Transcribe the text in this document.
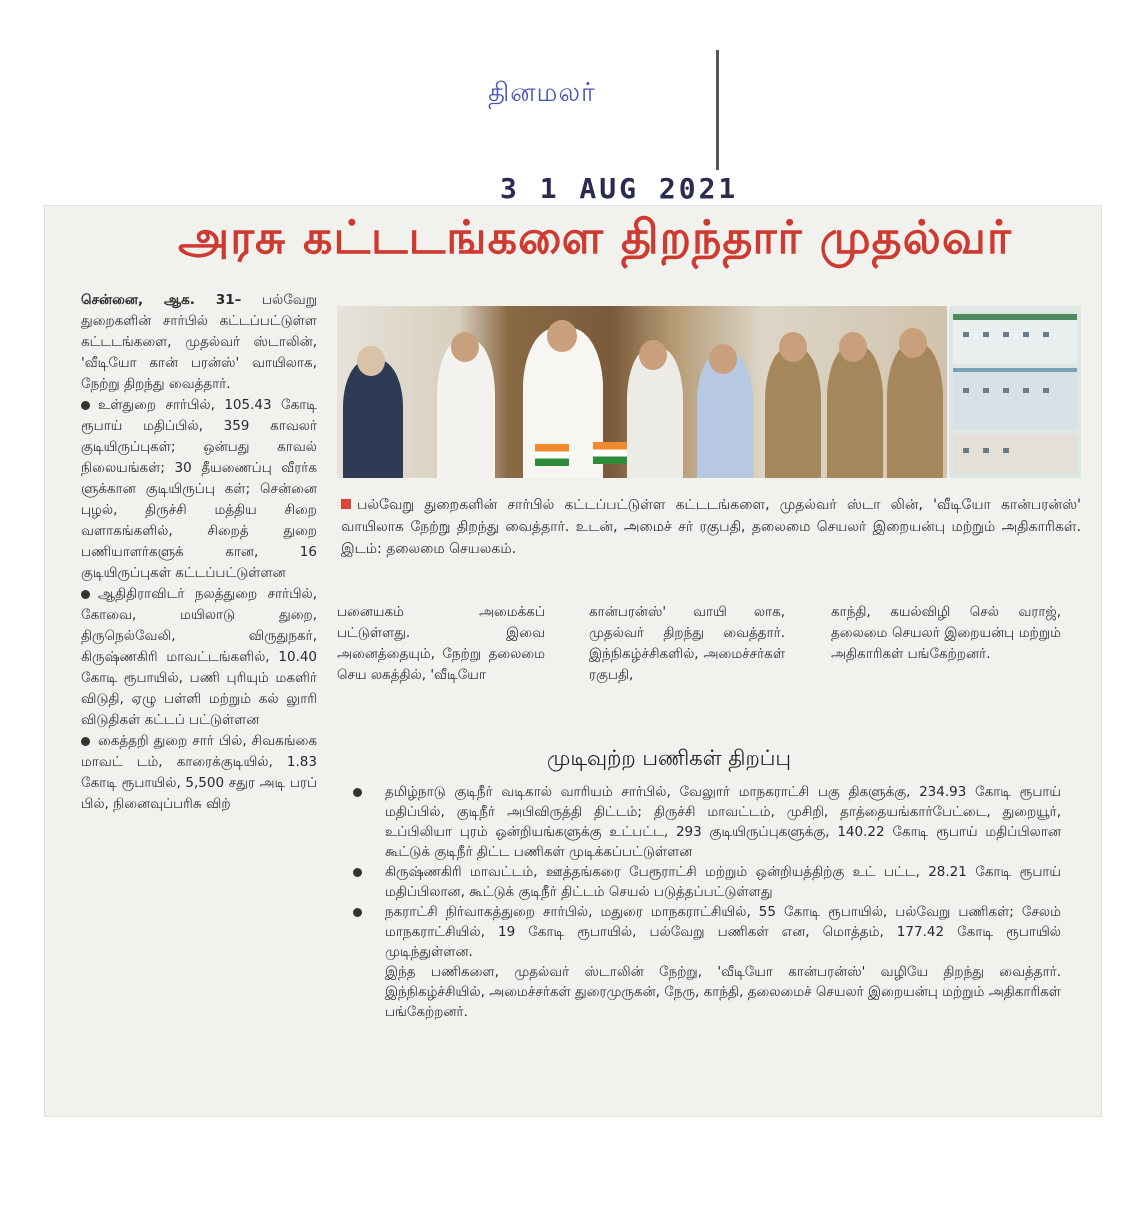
தினமலர்
3 1 AUG 2021
அரசு கட்டடங்களை திறந்தார் முதல்வர்

சென்னை, ஆக. 31– பல்வேறு துறைகளின் சார்பில் கட்டப்பட்டுள்ள கட்டடங்களை, முதல்வர் ஸ்டாலின், 'வீடியோ கான் பரன்ஸ்' வாயிலாக, நேற்று திறந்து வைத்தார்.

உள்துறை சார்பில், 105.43 கோடி ரூபாய் மதிப்பில், 359 காவலர் குடியிருப்புகள்; ஒன்பது காவல் நிலையங்கள்; 30 தீயணைப்பு வீரர்க ளுக்கான குடியிருப்பு கள்; சென்னை புழல், திருச்சி மத்திய சிறை வளாகங்களில், சிறைத் துறை பணியாளர்களுக் கான, 16 குடியிருப்புகள் கட்டப்பட்டுள்ளன

ஆதிதிராவிடர் நலத்துறை சார்பில், கோவை, மயிலாடு துறை, திருநெல்வேலி, விருதுநகர், கிருஷ்ணகிரி மாவட்டங்களில், 10.40 கோடி ரூபாயில், பணி புரியும் மகளிர் விடுதி, ஏழு பள்ளி மற்றும் கல் லுாரி விடுதிகள் கட்டப் பட்டுள்ளன

கைத்தறி துறை சார் பில், சிவகங்கை மாவட் டம், காரைக்குடியில், 1.83 கோடி ரூபாயில், 5,500 சதுர அடி பரப் பில், நினைவுப்பரிசு விற்

பல்வேறு துறைகளின் சார்பில் கட்டப்பட்டுள்ள கட்டடங்களை, முதல்வர் ஸ்டா லின், 'வீடியோ கான்பரன்ஸ்' வாயிலாக நேற்று திறந்து வைத்தார். உடன், அமைச் சர் ரகுபதி, தலைமை செயலர் இறையன்பு மற்றும் அதிகாரிகள். இடம்: தலைமை செயலகம்.
பனையகம் அமைக்கப் பட்டுள்ளது. இவை அனைத்தையும், நேற்று தலைமை செய லகத்தில், 'வீடியோ
கான்பரன்ஸ்' வாயி லாக, முதல்வர் திறந்து வைத்தார். இந்நிகழ்ச்சிகளில், அமைச்சர்கள் ரகுபதி,
காந்தி, கயல்விழி செல் வராஜ், தலைமை செயலர் இறையன்பு மற்றும் அதிகாரிகள் பங்கேற்றனர்.
முடிவுற்ற பணிகள் திறப்பு
தமிழ்நாடு குடிநீர் வடிகால் வாரியம் சார்பில், வேலுார் மாநகராட்சி பகு திகளுக்கு, 234.93 கோடி ரூபாய் மதிப்பில், குடிநீர் அபிவிருத்தி திட்டம்; திருச்சி மாவட்டம், முசிறி, தாத்தையங்கார்பேட்டை, துறையூர், உப்பிலியா புரம் ஒன்றியங்களுக்கு உட்பட்ட, 293 குடியிருப்புகளுக்கு, 140.22 கோடி ரூபாய் மதிப்பிலான கூட்டுக் குடிநீர் திட்ட பணிகள் முடிக்கப்பட்டுள்ளன
கிருஷ்ணகிரி மாவட்டம், ஊத்தங்கரை பேரூராட்சி மற்றும் ஒன்றியத்திற்கு உட் பட்ட, 28.21 கோடி ரூபாய் மதிப்பிலான, கூட்டுக் குடிநீர் திட்டம் செயல் படுத்தப்பட்டுள்ளது
நகராட்சி நிர்வாகத்துறை சார்பில், மதுரை மாநகராட்சியில், 55 கோடி ரூபாயில், பல்வேறு பணிகள்; சேலம் மாநகராட்சியில், 19 கோடி ரூபாயில், பல்வேறு பணிகள் என, மொத்தம், 177.42 கோடி ரூபாயில் முடிந்துள்ளன.
இந்த பணிகளை, முதல்வர் ஸ்டாலின் நேற்று, 'வீடியோ கான்பரன்ஸ்' வழியே திறந்து வைத்தார். இந்நிகழ்ச்சியில், அமைச்சர்கள் துரைமுருகன், நேரு, காந்தி, தலைமைச் செயலர் இறையன்பு மற்றும் அதிகாரிகள் பங்கேற்றனர்.
